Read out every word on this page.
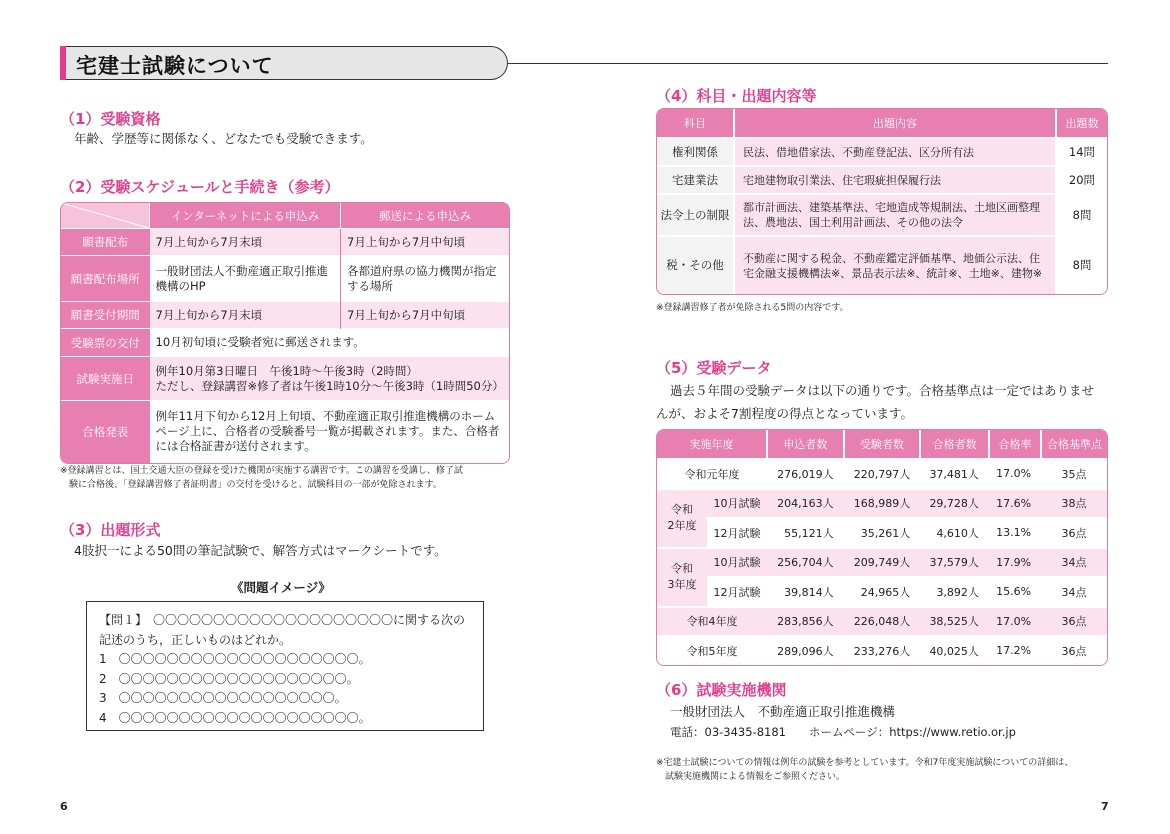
宅建士試験について
（1）受験資格
年齢、学歴等に関係なく、どなたでも受験できます。
（2）受験スケジュールと手続き（参考）
	インターネットによる申込み	郵送による申込み
願書配布	7月上旬から7月末頃	7月上旬から7月中旬頃
願書配布場所	一般財団法人不動産適正取引推進機構のHP	各都道府県の協力機関が指定する場所
願書受付期間	7月上旬から7月末頃	7月上旬から7月中旬頃
受験票の交付	10月初旬頃に受験者宛に郵送されます。	
試験実施日	例年10月第3日曜日　午後1時〜午後3時（2時間）
ただし、登録講習※修了者は午後1時10分〜午後3時（1時間50分）	

合格発表	例年11月下旬から12月上旬頃、不動産適正取引推進機構のホームページ上に、合格者の受験番号一覧が掲載されます。また、合格者には合格証書が送付されます。	
※登録講習とは、国土交通大臣の登録を受けた機関が実施する講習です。この講習を受講し、修了試
　験に合格後、「登録講習修了者証明書」の交付を受けると、試験科目の一部が免除されます。
（3）出題形式
4肢択一による50問の筆記試験で、解答方式はマークシートです。
《問題イメージ》
【問１】　〇〇〇〇〇〇〇〇〇〇〇〇〇〇〇〇〇〇〇〇に関する次の
記述のうち，正しいものはどれか。
1　 〇〇〇〇〇〇〇〇〇〇〇〇〇〇〇〇〇〇〇〇。
2　 〇〇〇〇〇〇〇〇〇〇〇〇〇〇〇〇〇〇〇。
3　 〇〇〇〇〇〇〇〇〇〇〇〇〇〇〇〇〇〇。
4　 〇〇〇〇〇〇〇〇〇〇〇〇〇〇〇〇〇〇〇〇。
6
（4）科目・出題内容等
科目	出題内容	出題数
権利関係	民法、借地借家法、不動産登記法、区分所有法	14問
宅建業法	宅地建物取引業法、住宅瑕疵担保履行法	20問
法令上の制限	都市計画法、建築基準法、宅地造成等規制法、土地区画整理法、農地法、国土利用計画法、その他の法令	8問
税・その他	不動産に関する税金、不動産鑑定評価基準、地価公示法、住宅金融支援機構法※、景品表示法※、統計※、土地※、建物※	8問
※登録講習修了者が免除される5問の内容です。
（5）受験データ
過去５年間の受験データは以下の通りです。合格基準点は一定ではありませ
んが、およそ7割程度の得点となっています。
実施年度		申込者数	受験者数	合格者数	合格率	合格基準点
令和元年度		276,019人	220,797人	37,481人	17.0%	35点

令和 2年度	10月試験	204,163人	168,989人	29,728人	17.6%	38点
	12月試験	55,121人	35,261人	4,610人	13.1%	36点

令和 3年度	10月試験	256,704人	209,749人	37,579人	17.9%	34点
	12月試験	39,814人	24,965人	3,892人	15.6%	34点
令和4年度		283,856人	226,048人	38,525人	17.0%	36点
令和5年度		289,096人	233,276人	40,025人	17.2%	36点
（6）試験実施機関
一般財団法人　不動産適正取引推進機構
電話：03-3435-8181　　ホームページ：https://www.retio.or.jp
※宅建士試験についての情報は例年の試験を参考としています。令和7年度実施試験についての詳細は、
　試験実施機関による情報をご参照ください。
7
